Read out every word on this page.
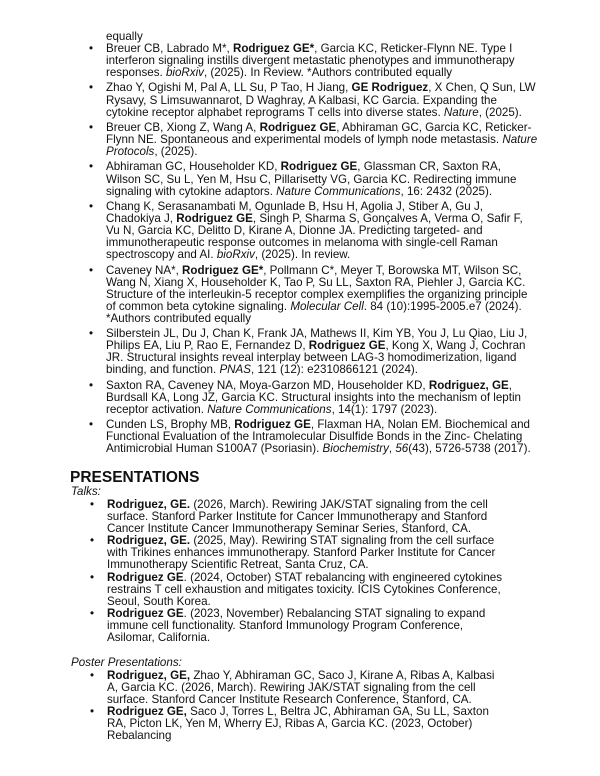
equally
• Breuer CB, Labrado M*, Rodriguez GE*, Garcia KC, Reticker-Flynn NE. Type I interferon signaling instills divergent metastatic phenotypes and immunotherapy responses. bioRxiv, (2025). In Review. *Authors contributed equally
• Zhao Y, Ogishi M, Pal A, LL Su, P Tao, H Jiang, GE Rodriguez, X Chen, Q Sun, LW Rysavy, S Limsuwannarot, D Waghray, A Kalbasi, KC Garcia. Expanding the cytokine receptor alphabet reprograms T cells into diverse states. Nature, (2025).
• Breuer CB, Xiong Z, Wang A, Rodriguez GE, Abhiraman GC, Garcia KC, Reticker-Flynn NE. Spontaneous and experimental models of lymph node metastasis. Nature Protocols, (2025).
• Abhiraman GC, Householder KD, Rodriguez GE, Glassman CR, Saxton RA, Wilson SC, Su L, Yen M, Hsu C, Pillarisetty VG, Garcia KC. Redirecting immune signaling with cytokine adaptors. Nature Communications, 16: 2432 (2025).
• Chang K, Serasanambati M, Ogunlade B, Hsu H, Agolia J, Stiber A, Gu J, Chadokiya J, Rodriguez GE, Singh P, Sharma S, Gonçalves A, Verma O, Safir F, Vu N, Garcia KC, Delitto D, Kirane A, Dionne JA. Predicting targeted- and immunotherapeutic response outcomes in melanoma with single-cell Raman spectroscopy and AI. bioRxiv, (2025). In review.
• Caveney NA*, Rodriguez GE*, Pollmann C*, Meyer T, Borowska MT, Wilson SC, Wang N, Xiang X, Householder K, Tao P, Su LL, Saxton RA, Piehler J, Garcia KC. Structure of the interleukin-5 receptor complex exemplifies the organizing principle of common beta cytokine signaling. Molecular Cell. 84 (10):1995-2005.e7 (2024). *Authors contributed equally
• Silberstein JL, Du J, Chan K, Frank JA, Mathews II, Kim YB, You J, Lu Qiao, Liu J, Philips EA, Liu P, Rao E, Fernandez D, Rodriguez GE, Kong X, Wang J, Cochran JR. Structural insights reveal interplay between LAG-3 homodimerization, ligand binding, and function. PNAS, 121 (12): e2310866121 (2024).
• Saxton RA, Caveney NA, Moya-Garzon MD, Householder KD, Rodriguez, GE, Burdsall KA, Long JZ, Garcia KC. Structural insights into the mechanism of leptin receptor activation. Nature Communications, 14(1): 1797 (2023).
• Cunden LS, Brophy MB, Rodriguez GE, Flaxman HA, Nolan EM. Biochemical and Functional Evaluation of the Intramolecular Disulfide Bonds in the Zinc- Chelating Antimicrobial Human S100A7 (Psoriasin). Biochemistry, 56(43), 5726-5738 (2017).
PRESENTATIONS
Talks:
• Rodriguez, GE. (2026, March). Rewiring JAK/STAT signaling from the cell surface. Stanford Parker Institute for Cancer Immunotherapy and Stanford Cancer Institute Cancer Immunotherapy Seminar Series, Stanford, CA.
• Rodriguez, GE. (2025, May). Rewiring STAT signaling from the cell surface with Trikines enhances immunotherapy. Stanford Parker Institute for Cancer Immunotherapy Scientific Retreat, Santa Cruz, CA.
• Rodriguez GE. (2024, October) STAT rebalancing with engineered cytokines restrains T cell exhaustion and mitigates toxicity. ICIS Cytokines Conference, Seoul, South Korea.
• Rodriguez GE. (2023, November) Rebalancing STAT signaling to expand immune cell functionality. Stanford Immunology Program Conference, Asilomar, California.
Poster Presentations:
• Rodriguez, GE, Zhao Y, Abhiraman GC, Saco J, Kirane A, Ribas A, Kalbasi A, Garcia KC. (2026, March). Rewiring JAK/STAT signaling from the cell surface. Stanford Cancer Institute Research Conference, Stanford, CA.
• Rodriguez GE, Saco J, Torres L, Beltra JC, Abhiraman GA, Su LL, Saxton RA, Picton LK, Yen M, Wherry EJ, Ribas A, Garcia KC. (2023, October) Rebalancing
